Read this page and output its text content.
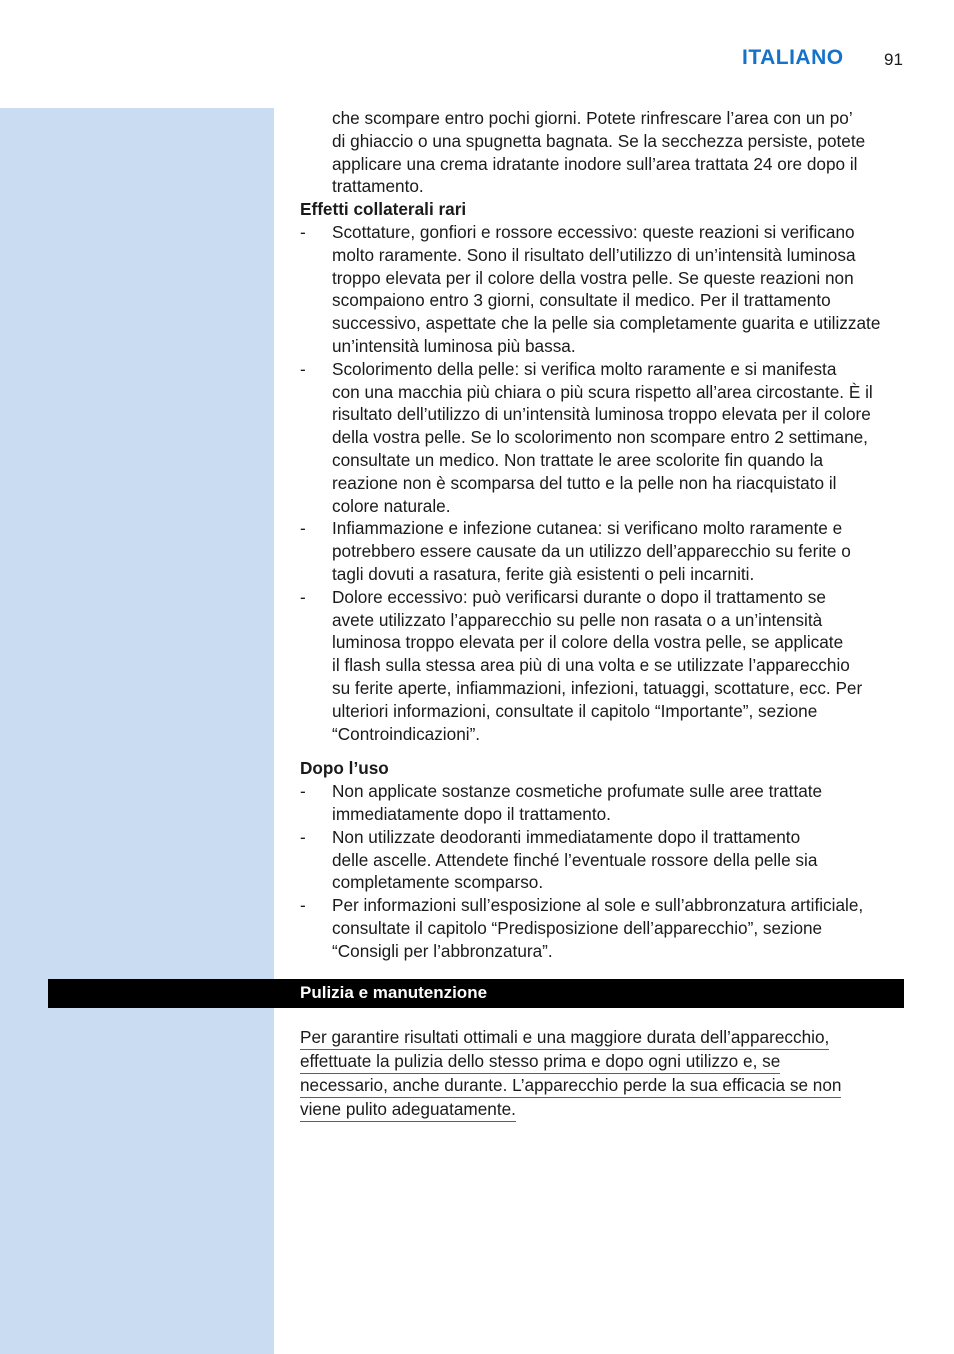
ITALIANO 91
che scompare entro pochi giorni. Potete rinfrescare l’area con un po’
di ghiaccio o una spugnetta bagnata. Se la secchezza persiste, potete
applicare una crema idratante inodore sull’area trattata 24 ore dopo il
trattamento.
Effetti collaterali rari
- Scottature, gonfiori e rossore eccessivo: queste reazioni si verificano
molto raramente. Sono il risultato dell’utilizzo di un’intensità luminosa
troppo elevata per il colore della vostra pelle. Se queste reazioni non
scompaiono entro 3 giorni, consultate il medico. Per il trattamento
successivo, aspettate che la pelle sia completamente guarita e utilizzate
un’intensità luminosa più bassa.
- Scolorimento della pelle: si verifica molto raramente e si manifesta
con una macchia più chiara o più scura rispetto all’area circostante. È il
risultato dell’utilizzo di un’intensità luminosa troppo elevata per il colore
della vostra pelle. Se lo scolorimento non scompare entro 2 settimane,
consultate un medico. Non trattate le aree scolorite fin quando la
reazione non è scomparsa del tutto e la pelle non ha riacquistato il
colore naturale.
- Infiammazione e infezione cutanea: si verificano molto raramente e
potrebbero essere causate da un utilizzo dell’apparecchio su ferite o
tagli dovuti a rasatura, ferite già esistenti o peli incarniti.
- Dolore eccessivo: può verificarsi durante o dopo il trattamento se
avete utilizzato l’apparecchio su pelle non rasata o a un’intensità
luminosa troppo elevata per il colore della vostra pelle, se applicate
il flash sulla stessa area più di una volta e se utilizzate l’apparecchio
su ferite aperte, infiammazioni, infezioni, tatuaggi, scottature, ecc. Per
ulteriori informazioni, consultate il capitolo “Importante”, sezione
“Controindicazioni”.
Dopo l’uso
- Non applicate sostanze cosmetiche profumate sulle aree trattate
immediatamente dopo il trattamento.
- Non utilizzate deodoranti immediatamente dopo il trattamento
delle ascelle. Attendete finché l’eventuale rossore della pelle sia
completamente scomparso.
- Per informazioni sull’esposizione al sole e sull’abbronzatura artificiale,
consultate il capitolo “Predisposizione dell’apparecchio”, sezione
“Consigli per l’abbronzatura”.
Pulizia e manutenzione
Per garantire risultati ottimali e una maggiore durata dell’apparecchio,
effettuate la pulizia dello stesso prima e dopo ogni utilizzo e, se
necessario, anche durante. L’apparecchio perde la sua efficacia se non
viene pulito adeguatamente.
